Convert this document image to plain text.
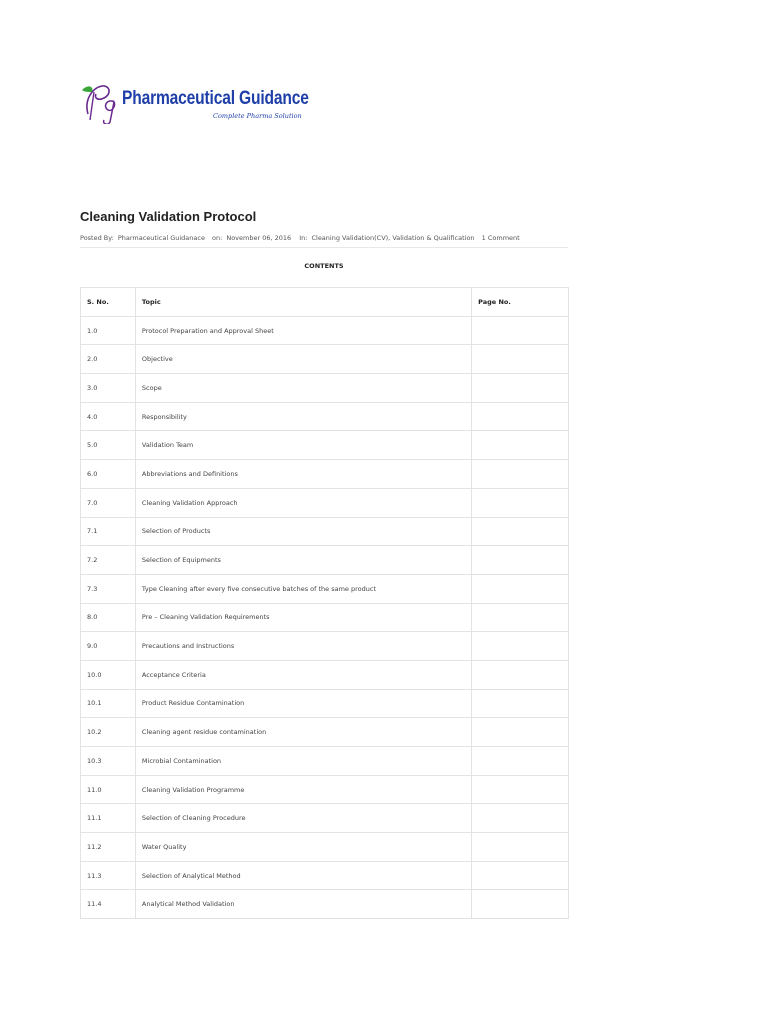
Pharmaceutical Guidance
Complete Pharma Solution
Cleaning Validation Protocol
Posted By: Pharmaceutical Guidanace on: November 06, 2016 In: Cleaning Validation(CV), Validation & Qualification 1 Comment
CONTENTS
S. No.	Topic	Page No.
1.0	Protocol Preparation and Approval Sheet	
2.0	Objective	
3.0	Scope	
4.0	Responsibility	
5.0	Validation Team	
6.0	Abbreviations and Definitions	
7.0	Cleaning Validation Approach	
7.1	Selection of Products	
7.2	Selection of Equipments	
7.3	Type Cleaning after every five consecutive batches of the same product	
8.0	Pre – Cleaning Validation Requirements	
9.0	Precautions and Instructions	
10.0	Acceptance Criteria	
10.1	Product Residue Contamination	
10.2	Cleaning agent residue contamination	
10.3	Microbial Contamination	
11.0	Cleaning Validation Programme	
11.1	Selection of Cleaning Procedure	
11.2	Water Quality	
11.3	Selection of Analytical Method	
11.4	Analytical Method Validation	
